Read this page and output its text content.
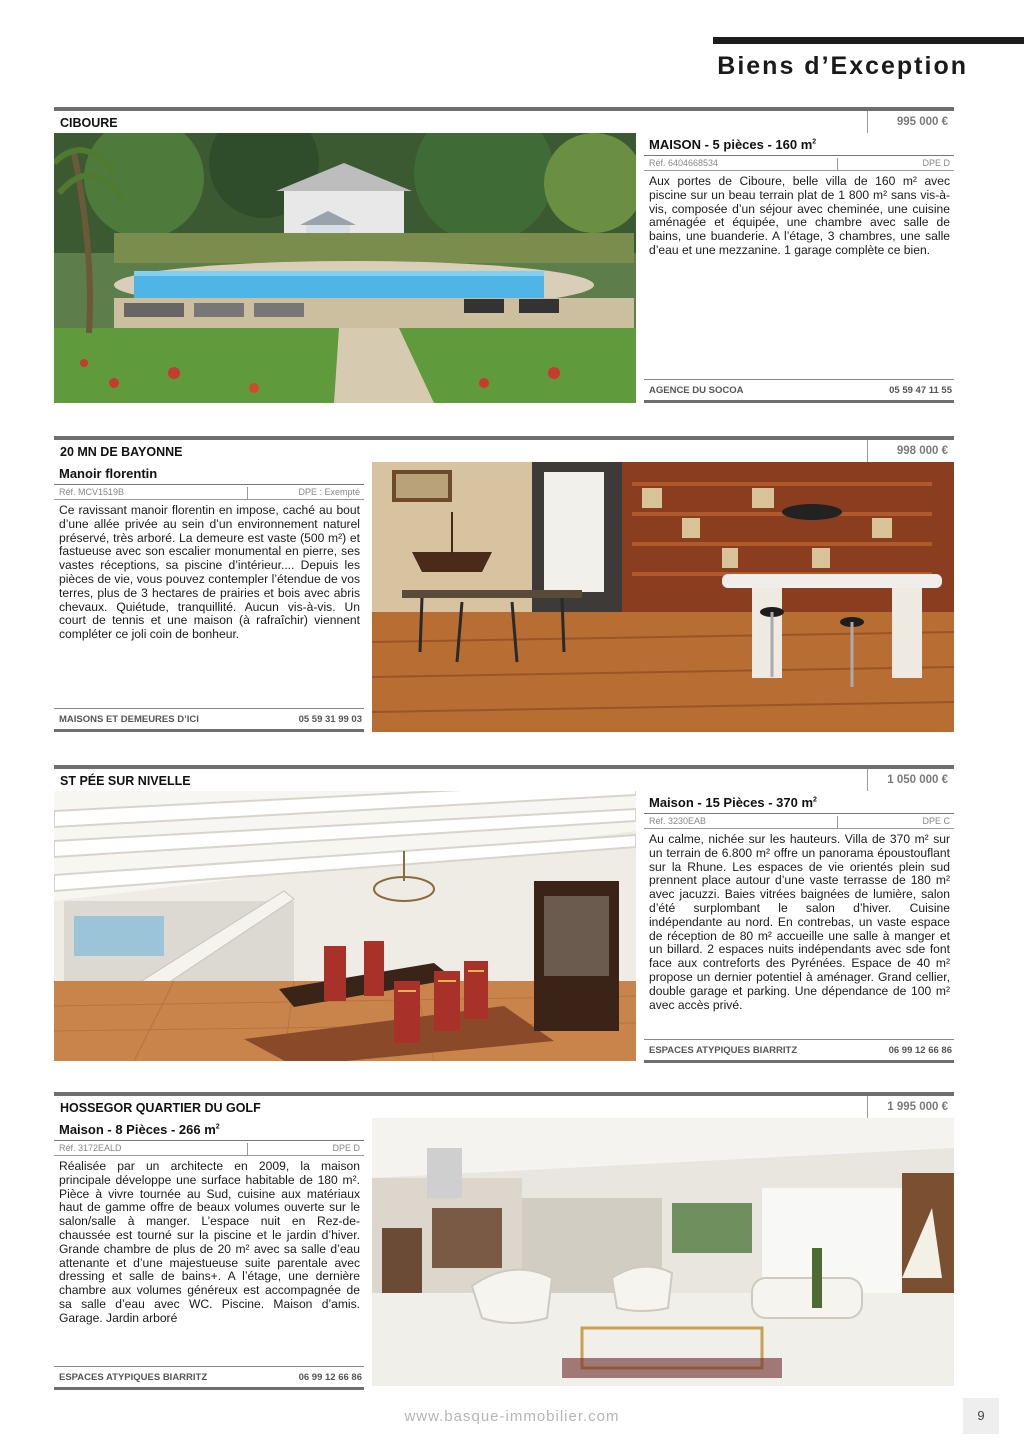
Biens d’Exception
CIBOURE	995 000 €
MAISON - 5 pièces - 160 $m^2$
Réf. 6404668534	DPE D
Aux portes de Ciboure, belle villa de 160 m² avec piscine sur un beau terrain plat de 1 800 m² sans vis-à-vis, composée d’un séjour avec cheminée, une cuisine aménagée et équipée, une chambre avec salle de bains, une buanderie. A l’étage, 3 chambres, une salle d’eau et une mezzanine. 1 garage complète ce bien.
AGENCE DU SOCOA	05 59 47 11 55
20 MN DE BAYONNE	998 000 €
Manoir florentin
Réf. MCV1519B	DPE : Exempté
Ce ravissant manoir florentin en impose, caché au bout d’une allée privée au sein d’un environnement naturel préservé, très arboré. La demeure est vaste (500 m²) et fastueuse avec son escalier monumental en pierre, ses vastes réceptions, sa piscine d’intérieur.... Depuis les pièces de vie, vous pouvez contempler l’étendue de vos terres, plus de 3 hectares de prairies et bois avec abris chevaux. Quiétude, tranquillité. Aucun vis-à-vis. Un court de tennis et une maison (à rafraîchir) viennent compléter ce joli coin de bonheur.
MAISONS ET DEMEURES D’ICI	05 59 31 99 03
ST PÉE SUR NIVELLE	1 050 000 €
Maison - 15 Pièces - 370 $m^2$
Réf. 3230EAB	DPE C
Au calme, nichée sur les hauteurs. Villa de 370 m² sur un terrain de 6.800 m² offre un panorama époustouflant sur la Rhune. Les espaces de vie orientés plein sud prennent place autour d’une vaste terrasse de 180 m² avec jacuzzi. Baies vitrées baignées de lumière, salon d’été surplombant le salon d’hiver. Cuisine indépendante au nord. En contrebas, un vaste espace de réception de 80 m² accueille une salle à manger et un billard. 2 espaces nuits indépendants avec sde font face aux contreforts des Pyrénées. Espace de 40 m² propose un dernier potentiel à aménager. Grand cellier, double garage et parking. Une dépendance de 100 m² avec accès privé.
ESPACES ATYPIQUES BIARRITZ	06 99 12 66 86
HOSSEGOR QUARTIER DU GOLF	1 995 000 €
Maison - 8 Pièces - 266 $m^2$
Réf. 3172EALD	DPE D
Réalisée par un architecte en 2009, la maison principale développe une surface habitable de 180 m². Pièce à vivre tournée au Sud, cuisine aux matériaux haut de gamme offre de beaux volumes ouverte sur le salon/salle à manger. L’espace nuit en Rez-de-chaussée est tourné sur la piscine et le jardin d’hiver. Grande chambre de plus de 20 m² avec sa salle d’eau attenante et d’une majestueuse suite parentale avec dressing et salle de bains+. A l’étage, une dernière chambre aux volumes généreux est accompagnée de sa salle d’eau avec WC. Piscine. Maison d’amis. Garage. Jardin arboré
ESPACES ATYPIQUES BIARRITZ	06 99 12 66 86
www.basque-immobilier.com	9
